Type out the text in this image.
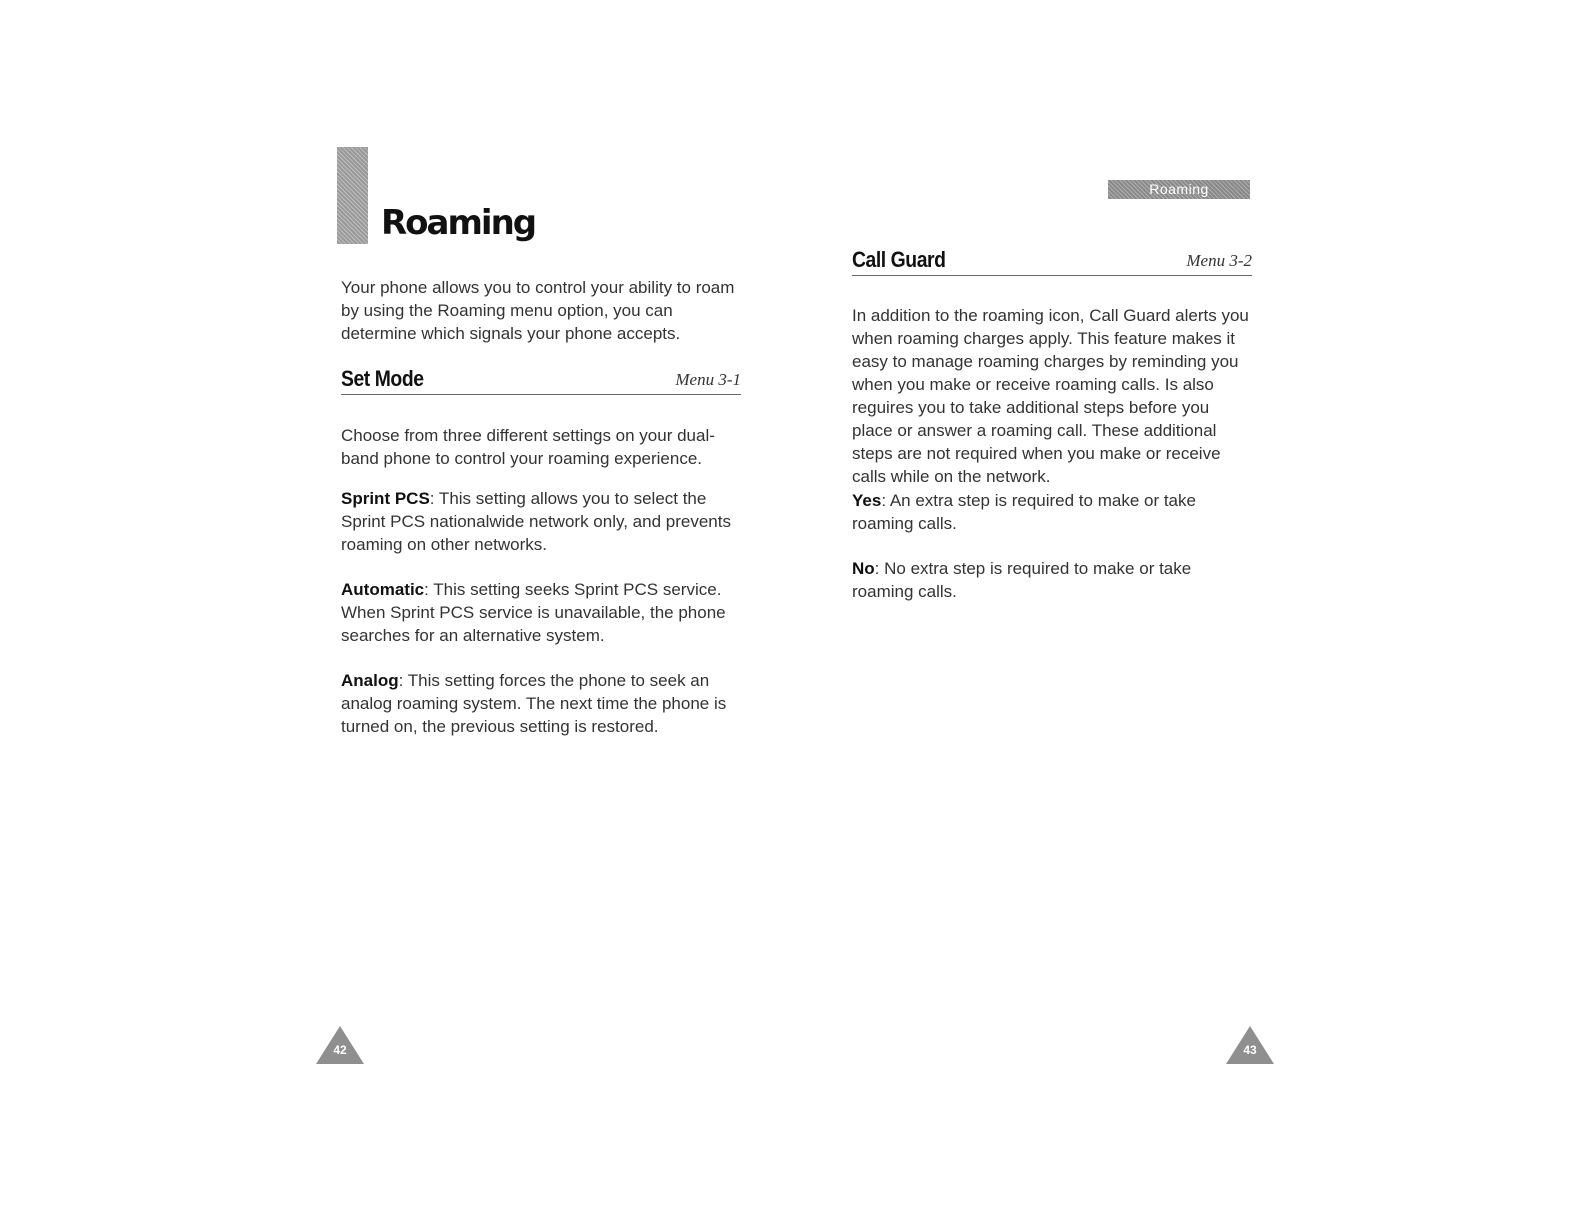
Roaming

Your phone allows you to control your ability to roam by using the Roaming menu option, you can determine which signals your phone accepts.

Set Mode	Menu 3-1

Choose from three different settings on your dual-band phone to control your roaming experience.

Sprint PCS: This setting allows you to select the Sprint PCS nationalwide network only, and prevents roaming on other networks.

Automatic: This setting seeks Sprint PCS service. When Sprint PCS service is unavailable, the phone searches for an alternative system.

Analog: This setting forces the phone to seek an analog roaming system. The next time the phone is turned on, the previous setting is restored.

42
Roaming
Call Guard	Menu 3-2

In addition to the roaming icon, Call Guard alerts you when roaming charges apply. This feature makes it easy to manage roaming charges by reminding you when you make or receive roaming calls. Is also reguires you to take additional steps before you place or answer a roaming call. These additional steps are not required when you make or receive calls while on the network.

Yes: An extra step is required to make or take roaming calls.

No: No extra step is required to make or take roaming calls.

43
